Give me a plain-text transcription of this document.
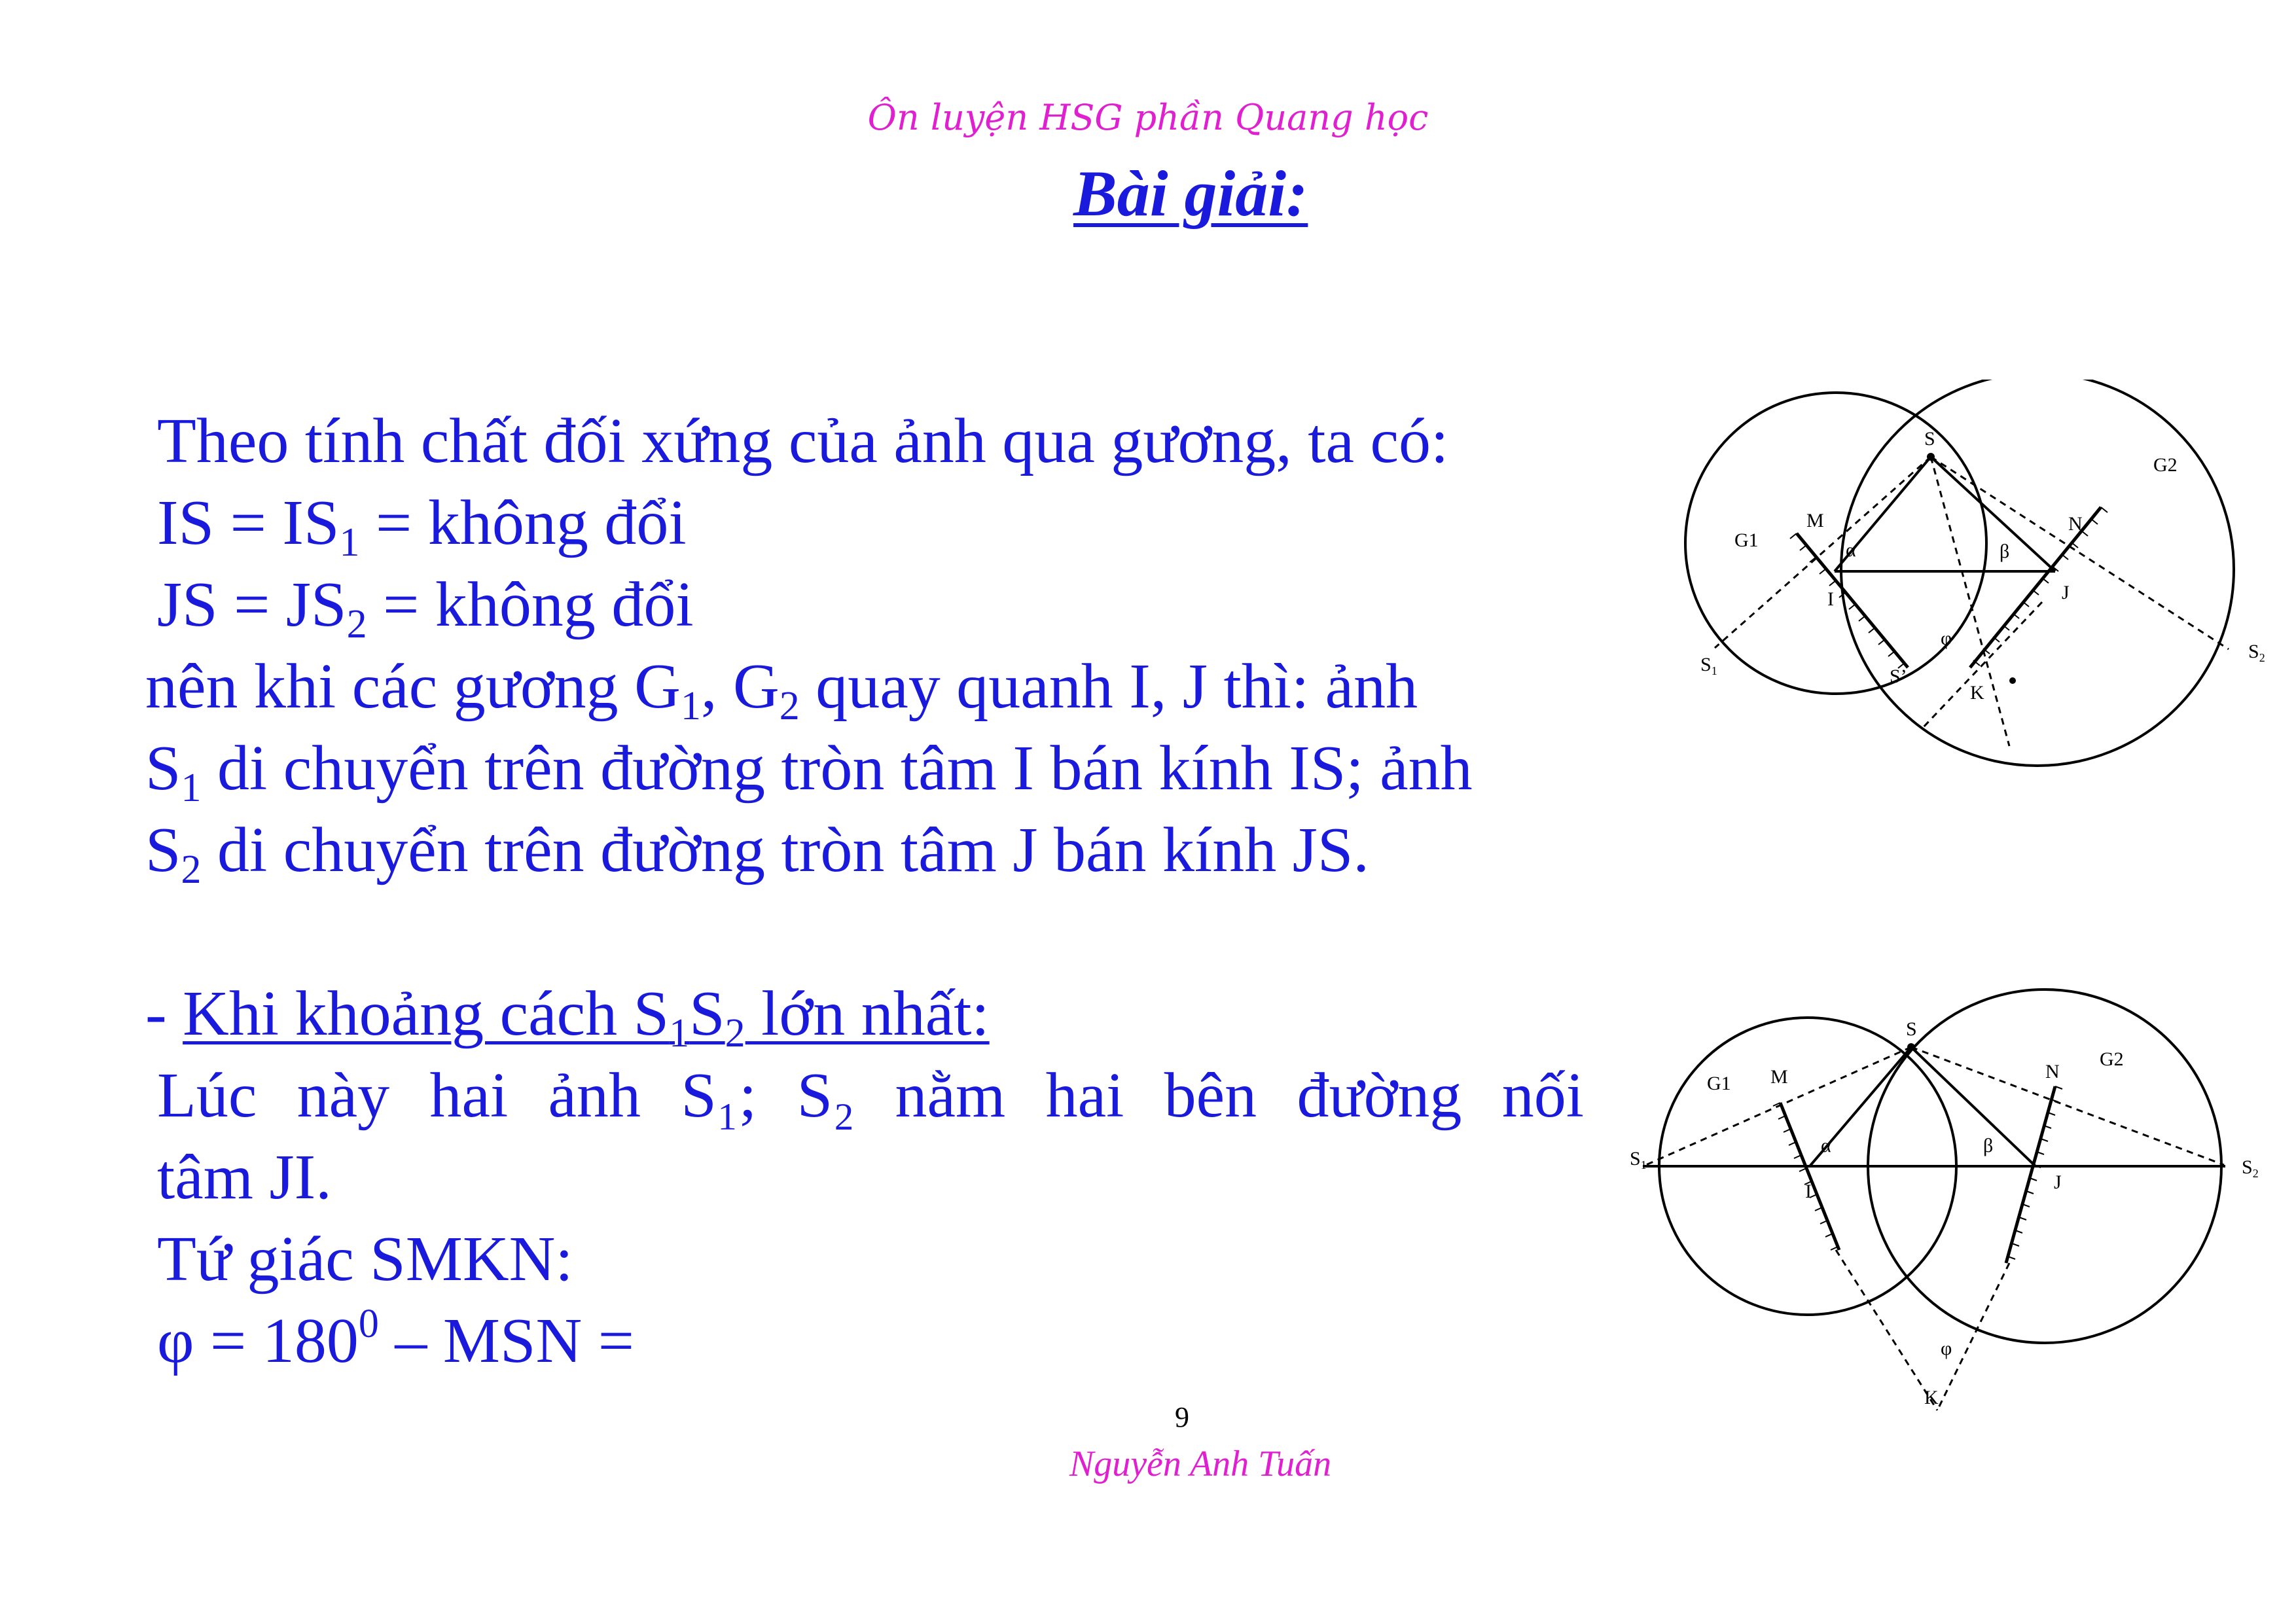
Ôn luyện HSG phần Quang học
Bài giải:
Theo tính chất đối xứng của ảnh qua gương, ta có:
IS = $IS_1$ = không đổi
JS = $JS_2$ = không đổi
nên khi các gương $G_1$, $G_2$ quay quanh I, J thì: ảnh
$S_1$ di chuyển trên đường tròn tâm I bán kính IS; ảnh
$S_2$ di chuyển trên đường tròn tâm J bán kính JS.
- Khi khoảng cách $S_1S_2$ lớn nhất:
Lúc này hai ảnh S₁; S₂ nằm hai bên đường nối
tâm JI.
Tứ giác SMKN:
$\varphi = 180^0$ – MSN =
S
G2
G1
M	N
α	β
I	J
φ
$S_1$
$S_2$
S’
K
S
G1 M	N
G2
$S_1$	$S_2$
α	β
I	J
φ
K
9
Nguyễn Anh Tuấn
